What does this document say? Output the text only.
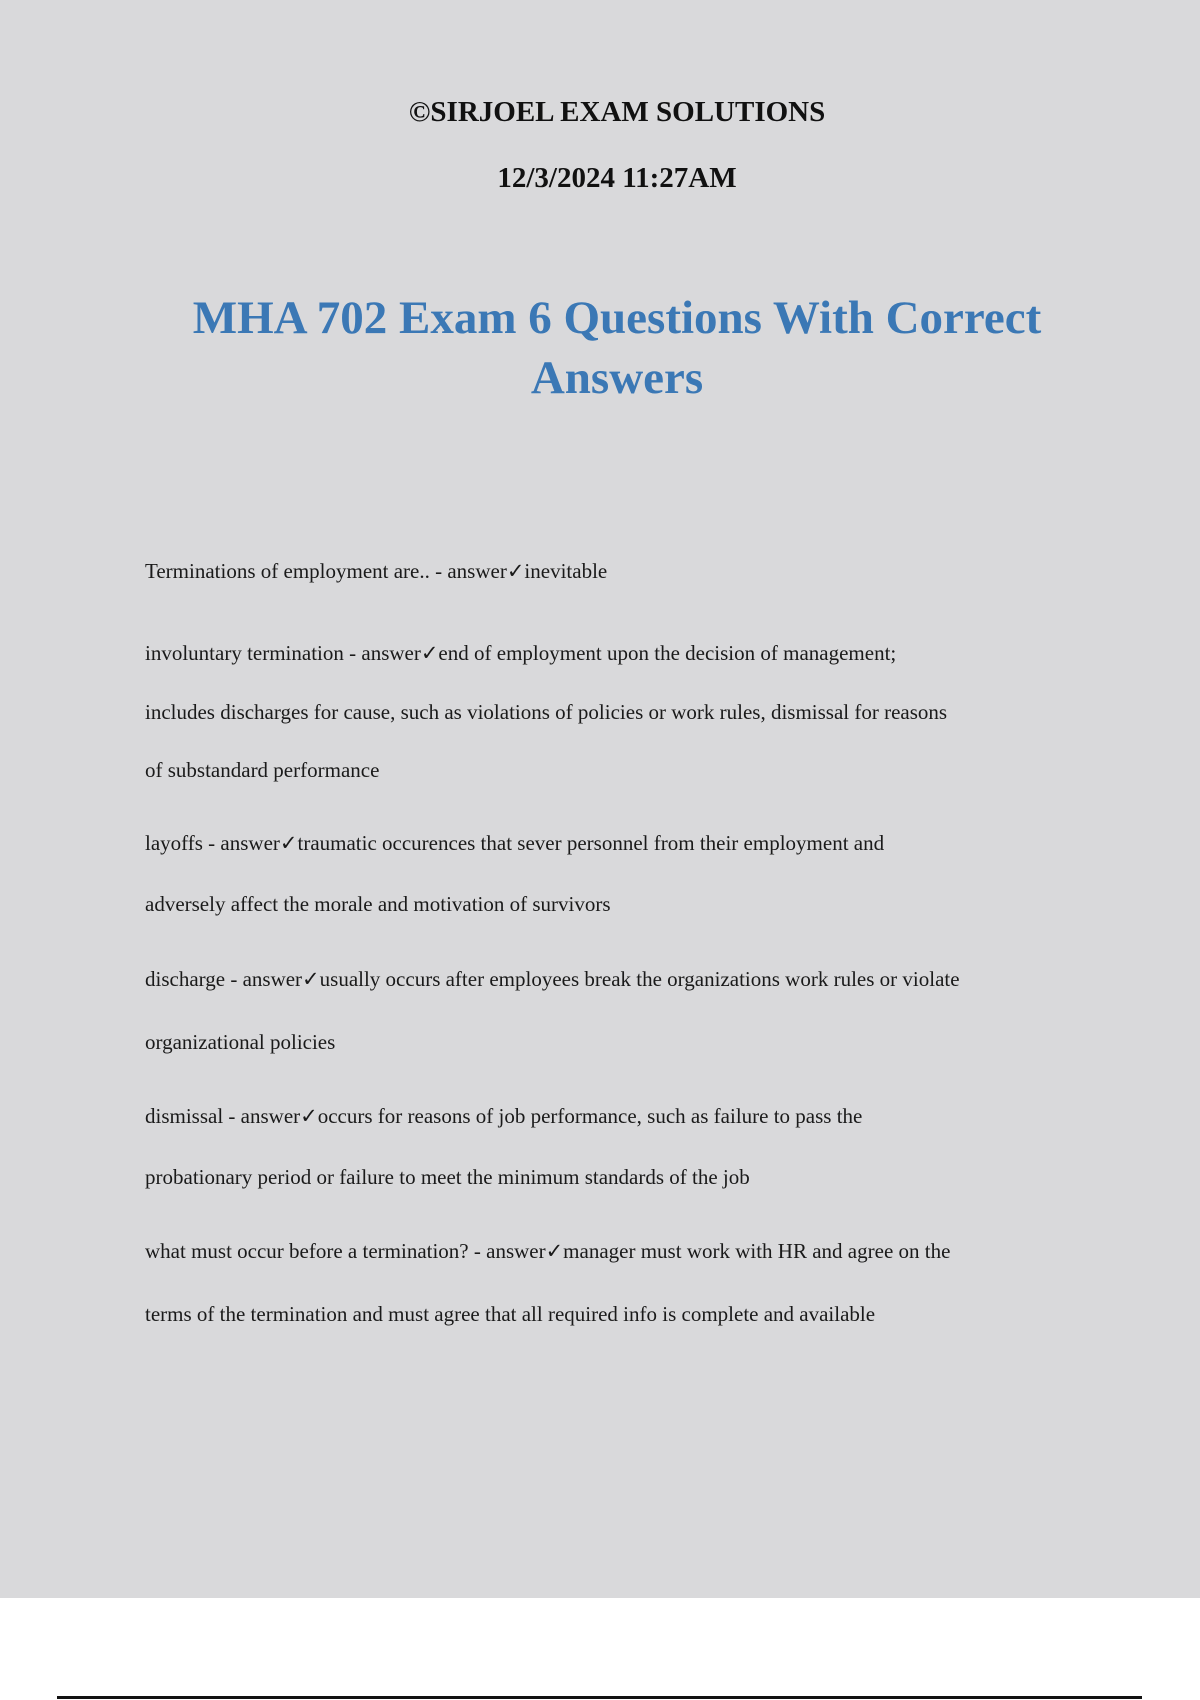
©SIRJOEL EXAM SOLUTIONS
12/3/2024 11:27AM
MHA 702 Exam 6 Questions With Correct
Answers
Terminations of employment are.. - answer✓inevitable
involuntary termination - answer✓end of employment upon the decision of management;
includes discharges for cause, such as violations of policies or work rules, dismissal for reasons
of substandard performance
layoffs - answer✓traumatic occurences that sever personnel from their employment and
adversely affect the morale and motivation of survivors
discharge - answer✓usually occurs after employees break the organizations work rules or violate
organizational policies
dismissal - answer✓occurs for reasons of job performance, such as failure to pass the
probationary period or failure to meet the minimum standards of the job
what must occur before a termination? - answer✓manager must work with HR and agree on the
terms of the termination and must agree that all required info is complete and available
